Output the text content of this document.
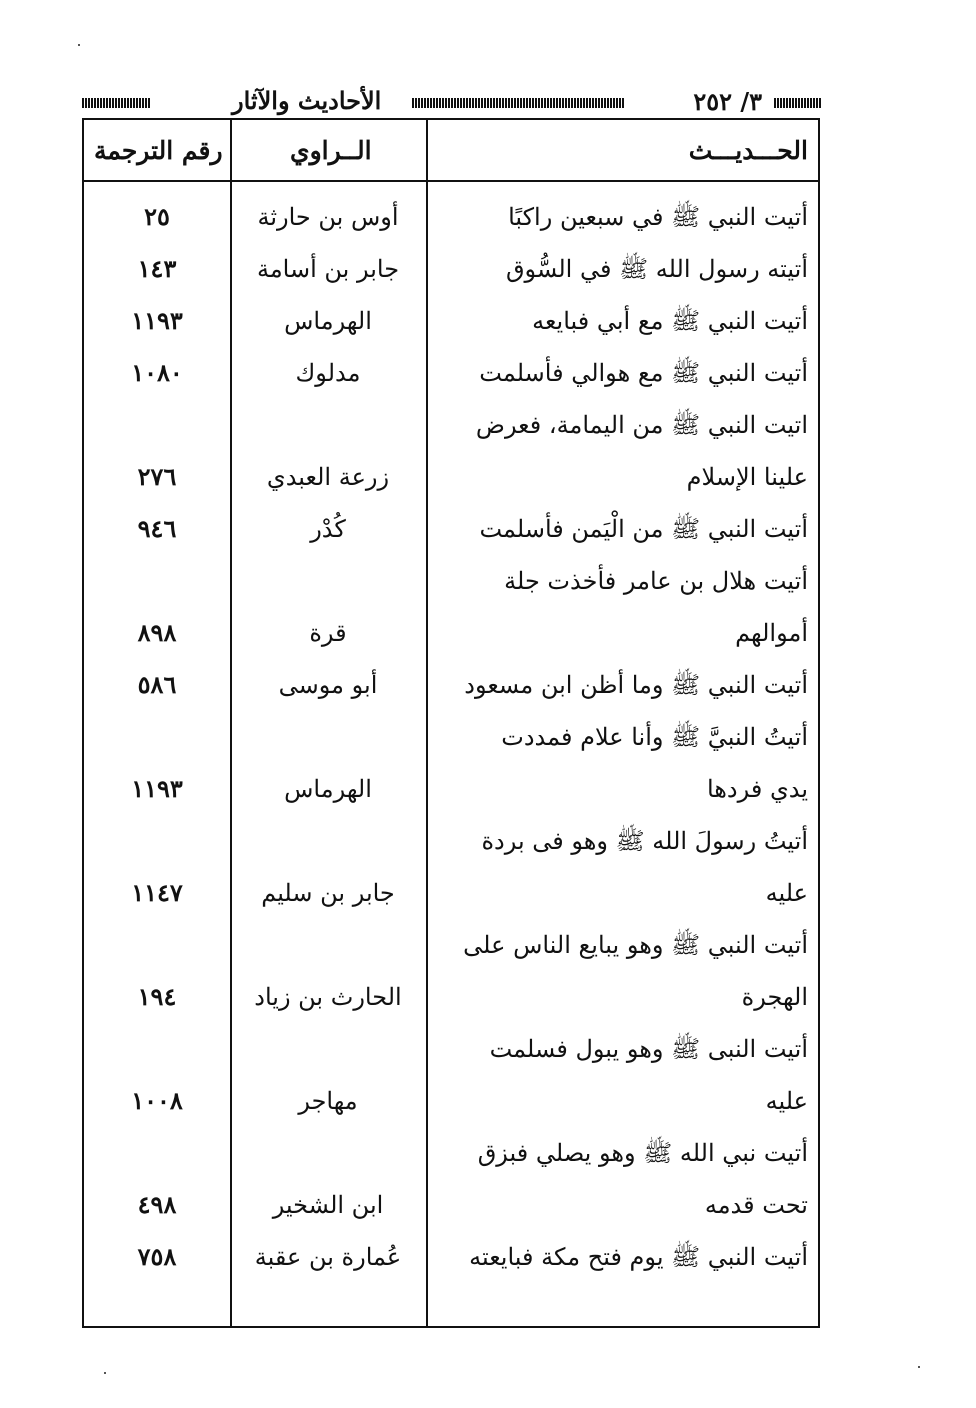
٣/ ٢٥٢
الأحاديث والآثار
الحـــديـــث
الــراوي
رقم الترجمة
أتيت النبي ﷺ في سبعين راكبًا
أوس بن حارثة
٢٥
أتيته رسول الله ﷺ في السُّوق
جابر بن أسامة
١٤٣
أتيت النبي ﷺ مع أبي فبايعه
الهرماس
١١٩٣
أتيت النبي ﷺ مع هوالي فأسلمت
مدلوك
١٠٨٠
اتيت النبي ﷺ من اليمامة، فعرض
علينا الإسلام
زرعة العبدي
٢٧٦
أتيت النبي ﷺ من الْيَمن فأسلمت
كُدْر
٩٤٦
أتيت هلال بن عامر فأخذت جلة
أموالهم
قرة
٨٩٨
أتيت النبي ﷺ وما أظن ابن مسعود
أبو موسى
٥٨٦
أتيتُ النبيَّ ﷺ وأنا علام فمددت
يدي فردها
الهرماس
١١٩٣
أتيتُ رسولَ الله ﷺ وهو فى بردة
عليه
جابر بن سليم
١١٤٧
أتيت النبي ﷺ وهو يبايع الناس على
الهجرة
الحارث بن زياد
١٩٤
أتيت النبى ﷺ وهو يبول فسلمت
عليه
مهاجر
١٠٠٨
أتيت نبي الله ﷺ وهو يصلي فبزق
تحت قدمه
ابن الشخير
٤٩٨
أتيت النبي ﷺ يوم فتح مكة فبايعته
عُمارة بن عقبة
٧٥٨
